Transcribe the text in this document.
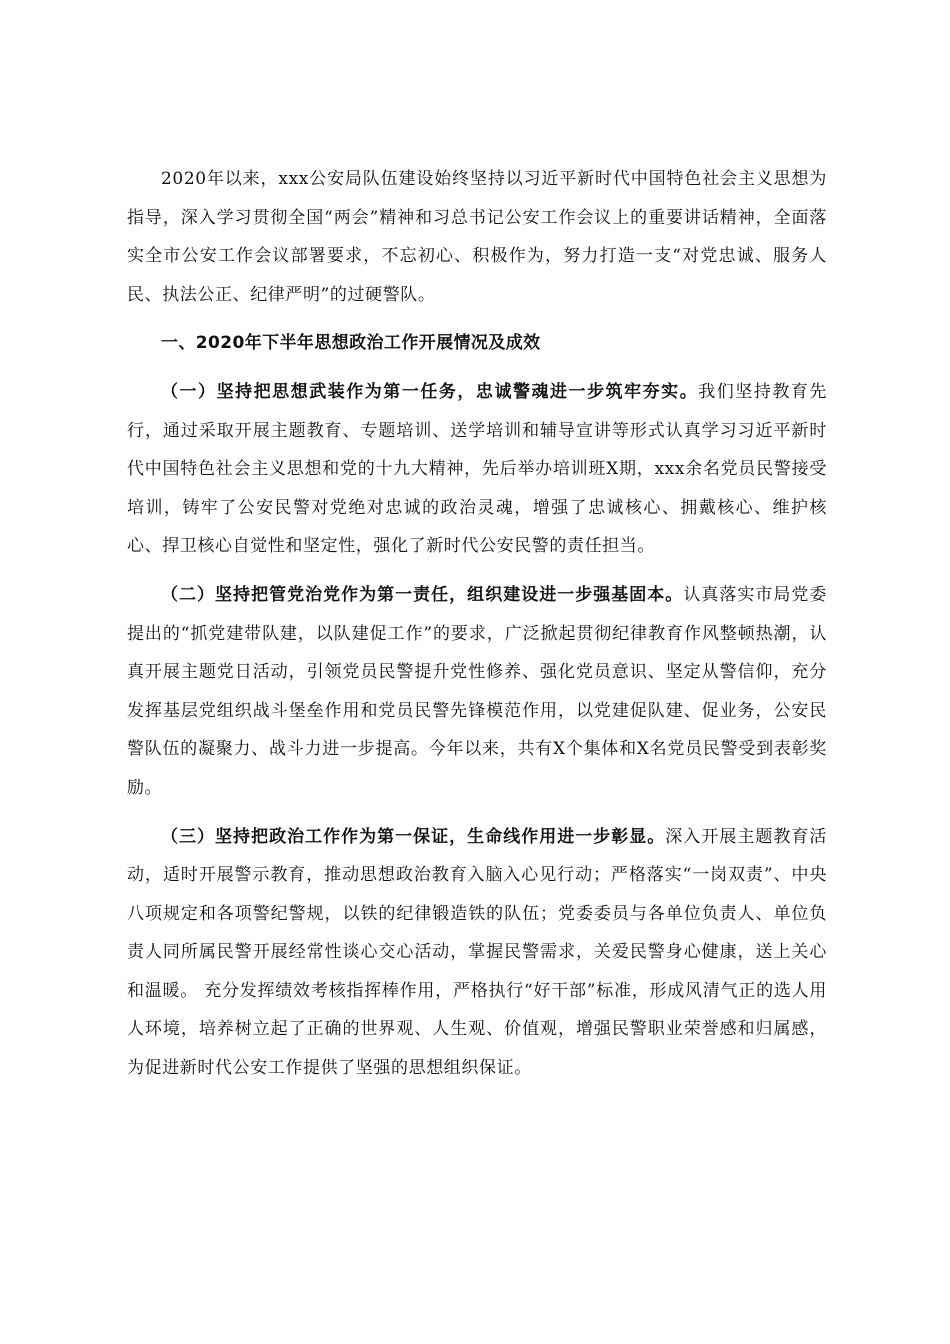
2020年以来，xxx公安局队伍建设始终坚持以习近平新时代中国特色社会主义思想为指导，深入学习贯彻全国“两会”精神和习总书记公安工作会议上的重要讲话精神，全面落实全市公安工作会议部署要求，不忘初心、积极作为，努力打造一支“对党忠诚、服务人民、执法公正、纪律严明”的过硬警队。

一、2020年下半年思想政治工作开展情况及成效

（一）坚持把思想武装作为第一任务，忠诚警魂进一步筑牢夯实。我们坚持教育先行，通过采取开展主题教育、专题培训、送学培训和辅导宣讲等形式认真学习习近平新时代中国特色社会主义思想和党的十九大精神，先后举办培训班X期，xxx余名党员民警接受培训，铸牢了公安民警对党绝对忠诚的政治灵魂，增强了忠诚核心、拥戴核心、维护核心、捍卫核心自觉性和坚定性，强化了新时代公安民警的责任担当。

（二）坚持把管党治党作为第一责任，组织建设进一步强基固本。认真落实市局党委提出的“抓党建带队建，以队建促工作”的要求，广泛掀起贯彻纪律教育作风整顿热潮，认真开展主题党日活动，引领党员民警提升党性修养、强化党员意识、坚定从警信仰，充分发挥基层党组织战斗堡垒作用和党员民警先锋模范作用，以党建促队建、促业务，公安民警队伍的凝聚力、战斗力进一步提高。今年以来，共有X个集体和X名党员民警受到表彰奖励。

（三）坚持把政治工作作为第一保证，生命线作用进一步彰显。深入开展主题教育活动，适时开展警示教育，推动思想政治教育入脑入心见行动；严格落实“一岗双责”、中央八项规定和各项警纪警规，以铁的纪律锻造铁的队伍；党委委员与各单位负责人、单位负责人同所属民警开展经常性谈心交心活动，掌握民警需求，关爱民警身心健康，送上关心和温暖。 充分发挥绩效考核指挥棒作用，严格执行“好干部”标准，形成风清气正的选人用人环境，培养树立起了正确的世界观、人生观、价值观，增强民警职业荣誉感和归属感，为促进新时代公安工作提供了坚强的思想组织保证。
